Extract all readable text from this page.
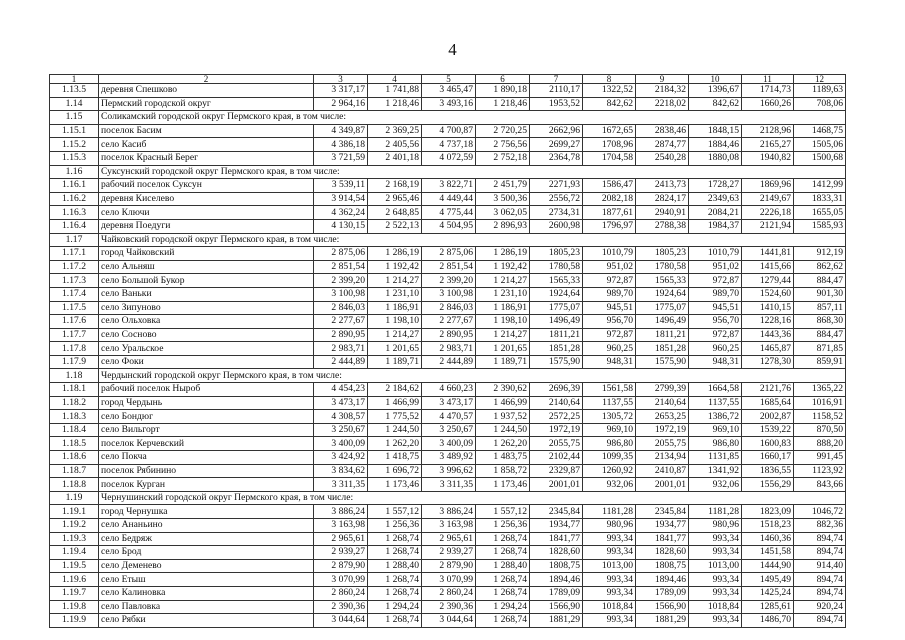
4
1	2	3	4	5	6	7	8	9	10	11	12
1.13.5	деревня Спешково	3 317,17	1 741,88	3 465,47	1 890,18	2110,17	1322,52	2184,32	1396,67	1714,73	1189,63
1.14	Пермский городской округ	2 964,16	1 218,46	3 493,16	1 218,46	1953,52	842,62	2218,02	842,62	1660,26	708,06
1.15	Соликамский городской округ Пермского края, в том числе:										
1.15.1	поселок Басим	4 349,87	2 369,25	4 700,87	2 720,25	2662,96	1672,65	2838,46	1848,15	2128,96	1468,75
1.15.2	село Касиб	4 386,18	2 405,56	4 737,18	2 756,56	2699,27	1708,96	2874,77	1884,46	2165,27	1505,06
1.15.3	поселок Красный Берег	3 721,59	2 401,18	4 072,59	2 752,18	2364,78	1704,58	2540,28	1880,08	1940,82	1500,68
1.16	Суксунский городской округ Пермского края, в том числе:										
1.16.1	рабочий поселок Суксун	3 539,11	2 168,19	3 822,71	2 451,79	2271,93	1586,47	2413,73	1728,27	1869,96	1412,99
1.16.2	деревня Киселево	3 914,54	2 965,46	4 449,44	3 500,36	2556,72	2082,18	2824,17	2349,63	2149,67	1833,31
1.16.3	село Ключи	4 362,24	2 648,85	4 775,44	3 062,05	2734,31	1877,61	2940,91	2084,21	2226,18	1655,05
1.16.4	деревня Поедуги	4 130,15	2 522,13	4 504,95	2 896,93	2600,98	1796,97	2788,38	1984,37	2121,94	1585,93
1.17	Чайковский городской округ Пермского края, в том числе:										
1.17.1	город Чайковский	2 875,06	1 286,19	2 875,06	1 286,19	1805,23	1010,79	1805,23	1010,79	1441,81	912,19
1.17.2	село Альняш	2 851,54	1 192,42	2 851,54	1 192,42	1780,58	951,02	1780,58	951,02	1415,66	862,62
1.17.3	село Большой Букор	2 399,20	1 214,27	2 399,20	1 214,27	1565,33	972,87	1565,33	972,87	1279,44	884,47
1.17.4	село Ваньки	3 100,98	1 231,10	3 100,98	1 231,10	1924,64	989,70	1924,64	989,70	1524,60	901,30
1.17.5	село Зипуново	2 846,03	1 186,91	2 846,03	1 186,91	1775,07	945,51	1775,07	945,51	1410,15	857,11
1.17.6	село Ольховка	2 277,67	1 198,10	2 277,67	1 198,10	1496,49	956,70	1496,49	956,70	1228,16	868,30
1.17.7	село Сосново	2 890,95	1 214,27	2 890,95	1 214,27	1811,21	972,87	1811,21	972,87	1443,36	884,47
1.17.8	село Уральское	2 983,71	1 201,65	2 983,71	1 201,65	1851,28	960,25	1851,28	960,25	1465,87	871,85
1.17.9	село Фоки	2 444,89	1 189,71	2 444,89	1 189,71	1575,90	948,31	1575,90	948,31	1278,30	859,91
1.18	Чердынский городской округ Пермского края, в том числе:										
1.18.1	рабочий поселок Ныроб	4 454,23	2 184,62	4 660,23	2 390,62	2696,39	1561,58	2799,39	1664,58	2121,76	1365,22
1.18.2	город Чердынь	3 473,17	1 466,99	3 473,17	1 466,99	2140,64	1137,55	2140,64	1137,55	1685,64	1016,91
1.18.3	село Бондюг	4 308,57	1 775,52	4 470,57	1 937,52	2572,25	1305,72	2653,25	1386,72	2002,87	1158,52
1.18.4	село Вильгорт	3 250,67	1 244,50	3 250,67	1 244,50	1972,19	969,10	1972,19	969,10	1539,22	870,50
1.18.5	поселок Керчевский	3 400,09	1 262,20	3 400,09	1 262,20	2055,75	986,80	2055,75	986,80	1600,83	888,20
1.18.6	село Покча	3 424,92	1 418,75	3 489,92	1 483,75	2102,44	1099,35	2134,94	1131,85	1660,17	991,45
1.18.7	поселок Рябинино	3 834,62	1 696,72	3 996,62	1 858,72	2329,87	1260,92	2410,87	1341,92	1836,55	1123,92
1.18.8	поселок Курган	3 311,35	1 173,46	3 311,35	1 173,46	2001,01	932,06	2001,01	932,06	1556,29	843,66
1.19	Чернушинский городской округ Пермского края, в том числе:										
1.19.1	город Чернушка	3 886,24	1 557,12	3 886,24	1 557,12	2345,84	1181,28	2345,84	1181,28	1823,09	1046,72
1.19.2	село Ананьино	3 163,98	1 256,36	3 163,98	1 256,36	1934,77	980,96	1934,77	980,96	1518,23	882,36
1.19.3	село Бедряж	2 965,61	1 268,74	2 965,61	1 268,74	1841,77	993,34	1841,77	993,34	1460,36	894,74
1.19.4	село Брод	2 939,27	1 268,74	2 939,27	1 268,74	1828,60	993,34	1828,60	993,34	1451,58	894,74
1.19.5	село Деменево	2 879,90	1 288,40	2 879,90	1 288,40	1808,75	1013,00	1808,75	1013,00	1444,90	914,40
1.19.6	село Етыш	3 070,99	1 268,74	3 070,99	1 268,74	1894,46	993,34	1894,46	993,34	1495,49	894,74
1.19.7	село Калиновка	2 860,24	1 268,74	2 860,24	1 268,74	1789,09	993,34	1789,09	993,34	1425,24	894,74
1.19.8	село Павловка	2 390,36	1 294,24	2 390,36	1 294,24	1566,90	1018,84	1566,90	1018,84	1285,61	920,24
1.19.9	село Рябки	3 044,64	1 268,74	3 044,64	1 268,74	1881,29	993,34	1881,29	993,34	1486,70	894,74
